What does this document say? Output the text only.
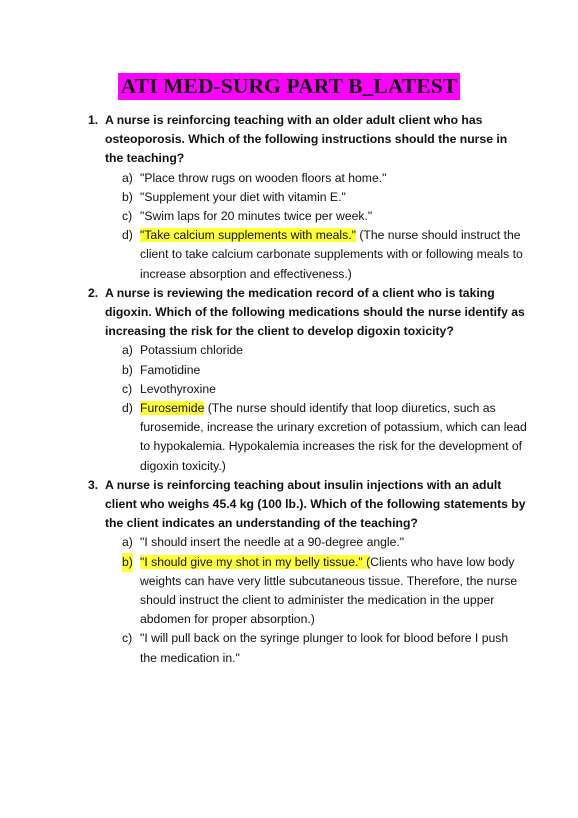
ATI MED-SURG PART B_LATEST
1. A nurse is reinforcing teaching with an older adult client who has osteoporosis. Which of the following instructions should the nurse in the teaching?
a) "Place throw rugs on wooden floors at home."
b) "Supplement your diet with vitamin E."
c) "Swim laps for 20 minutes twice per week."
d) "Take calcium supplements with meals." (The nurse should instruct the client to take calcium carbonate supplements with or following meals to increase absorption and effectiveness.)
2. A nurse is reviewing the medication record of a client who is taking digoxin. Which of the following medications should the nurse identify as increasing the risk for the client to develop digoxin toxicity?
a) Potassium chloride
b) Famotidine
c) Levothyroxine
d) Furosemide (The nurse should identify that loop diuretics, such as furosemide, increase the urinary excretion of potassium, which can lead to hypokalemia. Hypokalemia increases the risk for the development of digoxin toxicity.)
3. A nurse is reinforcing teaching about insulin injections with an adult client who weighs 45.4 kg (100 lb.). Which of the following statements by the client indicates an understanding of the teaching?
a) "I should insert the needle at a 90-degree angle."
b) "I should give my shot in my belly tissue." (Clients who have low body weights can have very little subcutaneous tissue. Therefore, the nurse should instruct the client to administer the medication in the upper abdomen for proper absorption.)
c) "I will pull back on the syringe plunger to look for blood before I push the medication in."
